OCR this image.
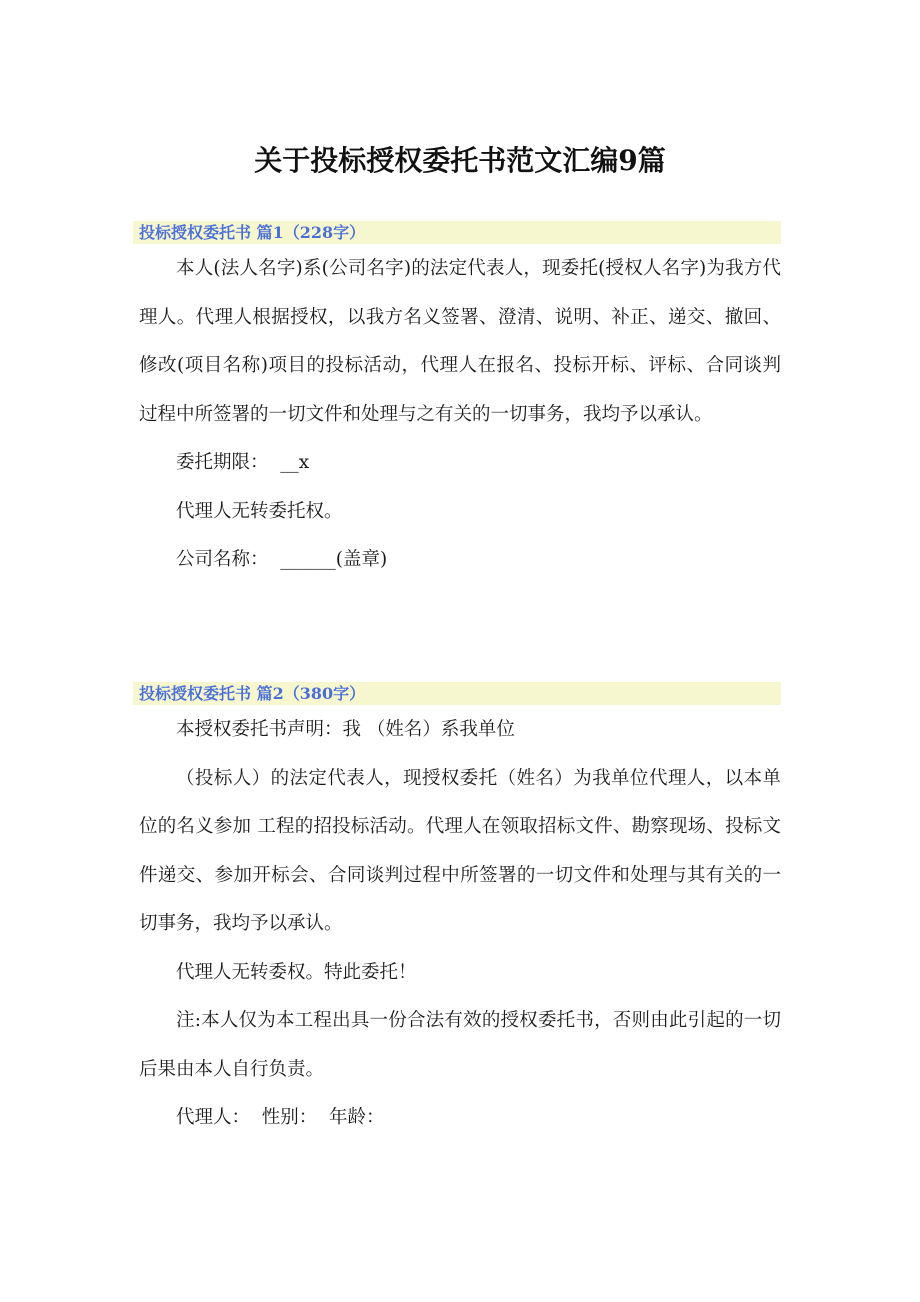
关于投标授权委托书范文汇编9篇
投标授权委托书 篇1（228字）

本人(法人名字)系(公司名字)的法定代表人，现委托(授权人名字)为我方代理人。代理人根据授权，以我方名义签署、澄清、说明、补正、递交、撤回、修改(项目名称)项目的投标活动，代理人在报名、投标开标、评标、合同谈判过程中所签署的一切文件和处理与之有关的一切事务，我均予以承认。

委托期限：  __x

代理人无转委托权。

公司名称：  ______(盖章)

投标授权委托书 篇2（380字）

本授权委托书声明：我 （姓名）系我单位

（投标人）的法定代表人，现授权委托（姓名）为我单位代理人，以本单位的名义参加 工程的招投标活动。代理人在领取招标文件、勘察现场、投标文件递交、参加开标会、合同谈判过程中所签署的一切文件和处理与其有关的一切事务，我均予以承认。

代理人无转委权。特此委托！

注:本人仅为本工程出具一份合法有效的授权委托书，否则由此引起的一切后果由本人自行负责。

代理人：  性别：  年龄：
